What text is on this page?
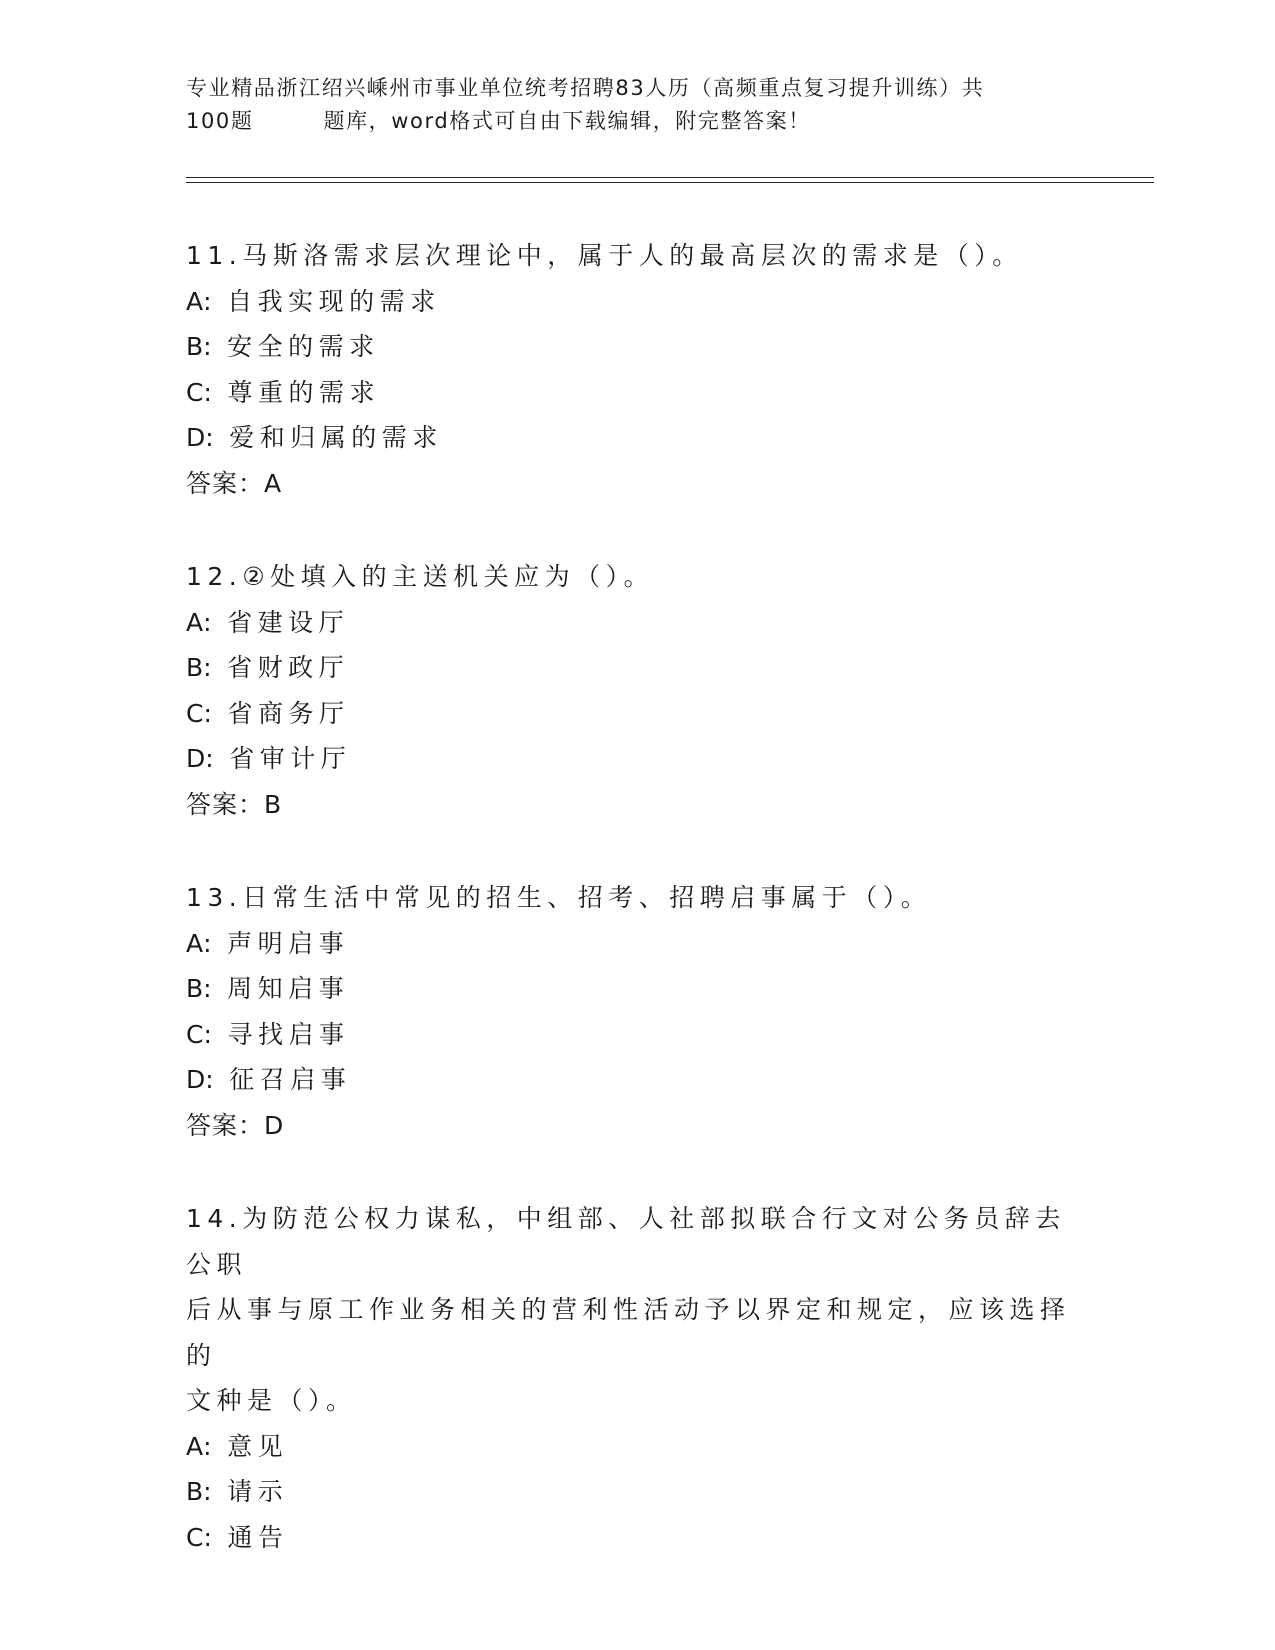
专业精品浙江绍兴嵊州市事业单位统考招聘83人历（高频重点复习提升训练）共
100题	题库，word格式可自由下载编辑，附完整答案！
11.马斯洛需求层次理论中，属于人的最高层次的需求是（）。
A: 自我实现的需求
B: 安全的需求
C: 尊重的需求
D: 爱和归属的需求
答案：A
12.②处填入的主送机关应为（）。
A: 省建设厅
B: 省财政厅
C: 省商务厅
D: 省审计厅
答案：B
13.日常生活中常见的招生、招考、招聘启事属于（）。
A: 声明启事
B: 周知启事
C: 寻找启事
D: 征召启事
答案：D
14.为防范公权力谋私，中组部、人社部拟联合行文对公务员辞去公职
后从事与原工作业务相关的营利性活动予以界定和规定，应该选择的
文种是（）。
A: 意见
B: 请示
C: 通告
